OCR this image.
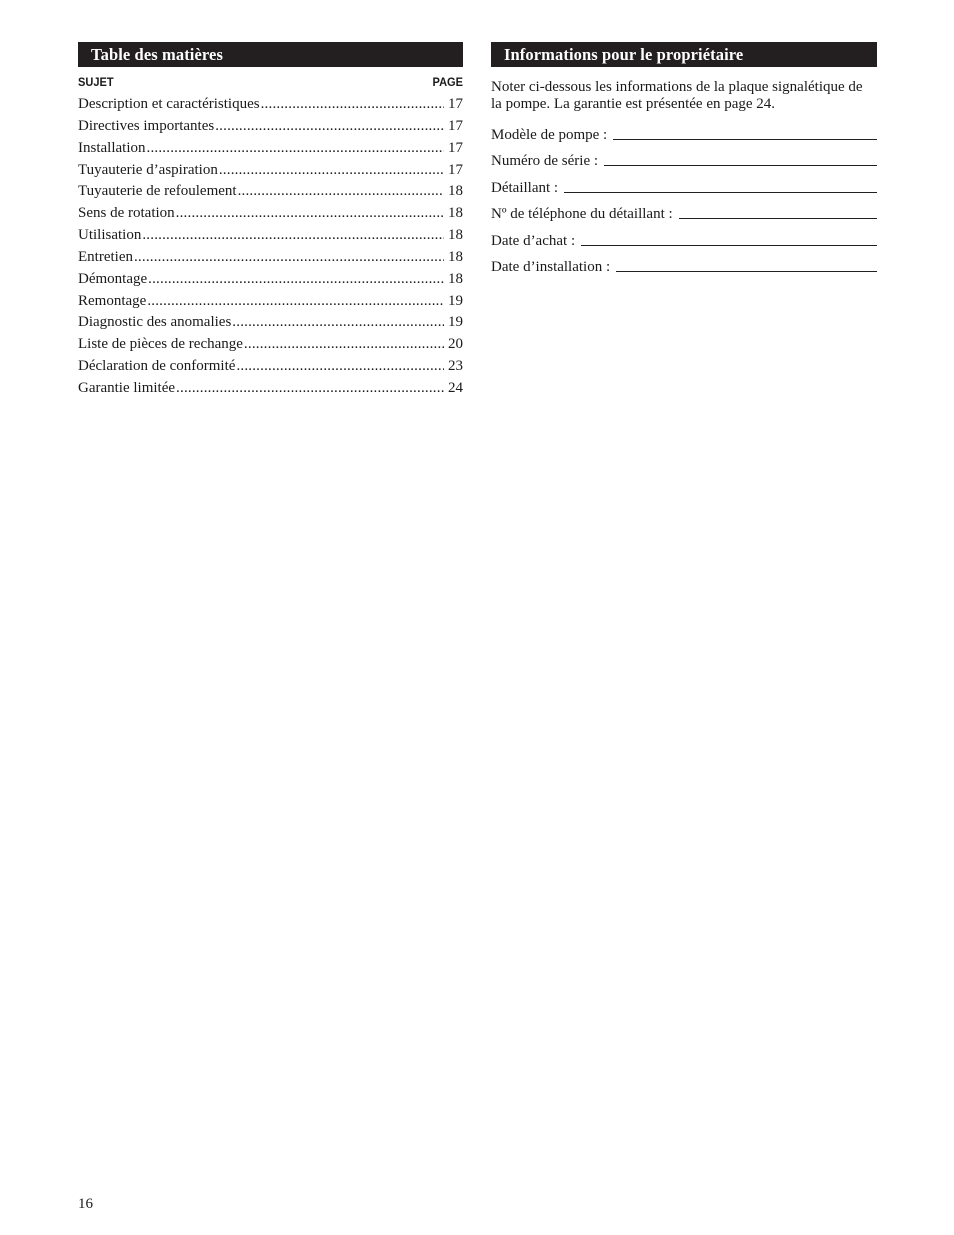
Table des matières
SUJET	PAGE
Description et caractéristiques .....	17
Directives importantes .....	17
Installation .....	17
Tuyauterie d’aspiration .....	17
Tuyauterie de refoulement .....	18
Sens de rotation .....	18
Utilisation .....	18
Entretien .....	18
Démontage .....	18
Remontage .....	19
Diagnostic des anomalies .....	19
Liste de pièces de rechange .....	20
Déclaration de conformité .....	23
Garantie limitée .....	24
Informations pour le propriétaire
Noter ci-dessous les informations de la plaque signalétique de la pompe. La garantie est présentée en page 24.
Modèle de pompe :
Numéro de série :
Détaillant :
Nº de téléphone du détaillant :
Date d’achat :
Date d’installation :
16
